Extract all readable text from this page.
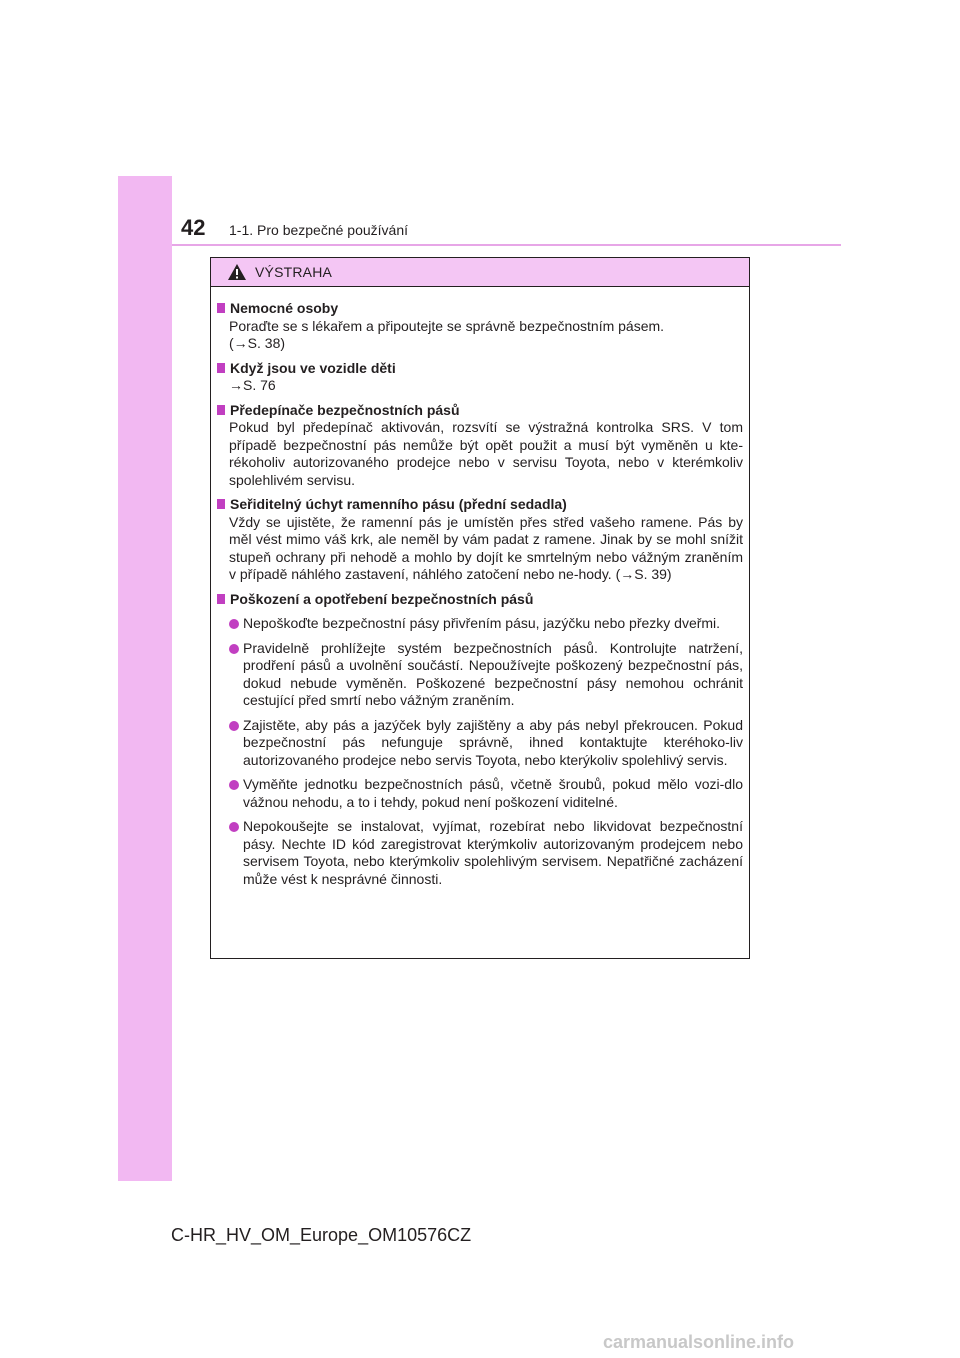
42 1-1. Pro bezpečné používání
VÝSTRAHA
Nemocné osoby
Poraďte se s lékařem a připoutejte se správně bezpečnostním pásem.
(→S. 38)
Když jsou ve vozidle děti
→S. 76
Předepínače bezpečnostních pásů
Pokud byl předepínač aktivován, rozsvítí se výstražná kontrolka SRS. V tom případě bezpečnostní pás nemůže být opět použit a musí být vyměněn u kte-rékoholiv autorizovaného prodejce nebo v servisu Toyota, nebo v kterémkoliv spolehlivém servisu.
Seřiditelný úchyt ramenního pásu (přední sedadla)
Vždy se ujistěte, že ramenní pás je umístěn přes střed vašeho ramene. Pás by měl vést mimo váš krk, ale neměl by vám padat z ramene. Jinak by se mohl snížit stupeň ochrany při nehodě a mohlo by dojít ke smrtelným nebo vážným zraněním v případě náhlého zastavení, náhlého zatočení nebo ne-hody. (→S. 39)
Poškození a opotřebení bezpečnostních pásů
Nepoškoďte bezpečnostní pásy přivřením pásu, jazýčku nebo přezky dveřmi.
Pravidelně prohlížejte systém bezpečnostních pásů. Kontrolujte natržení, prodření pásů a uvolnění součástí. Nepoužívejte poškozený bezpečnostní pás, dokud nebude vyměněn. Poškozené bezpečnostní pásy nemohou ochránit cestující před smrtí nebo vážným zraněním.
Zajistěte, aby pás a jazýček byly zajištěny a aby pás nebyl překroucen. Pokud bezpečnostní pás nefunguje správně, ihned kontaktujte kteréhoko-liv autorizovaného prodejce nebo servis Toyota, nebo kterýkoliv spolehlivý servis.
Vyměňte jednotku bezpečnostních pásů, včetně šroubů, pokud mělo vozi-dlo vážnou nehodu, a to i tehdy, pokud není poškození viditelné.
Nepokoušejte se instalovat, vyjímat, rozebírat nebo likvidovat bezpečnostní pásy. Nechte ID kód zaregistrovat kterýmkoliv autorizovaným prodejcem nebo servisem Toyota, nebo kterýmkoliv spolehlivým servisem. Nepatřičné zacházení může vést k nesprávné činnosti.
C-HR_HV_OM_Europe_OM10576CZ
carmanualsonline.info
